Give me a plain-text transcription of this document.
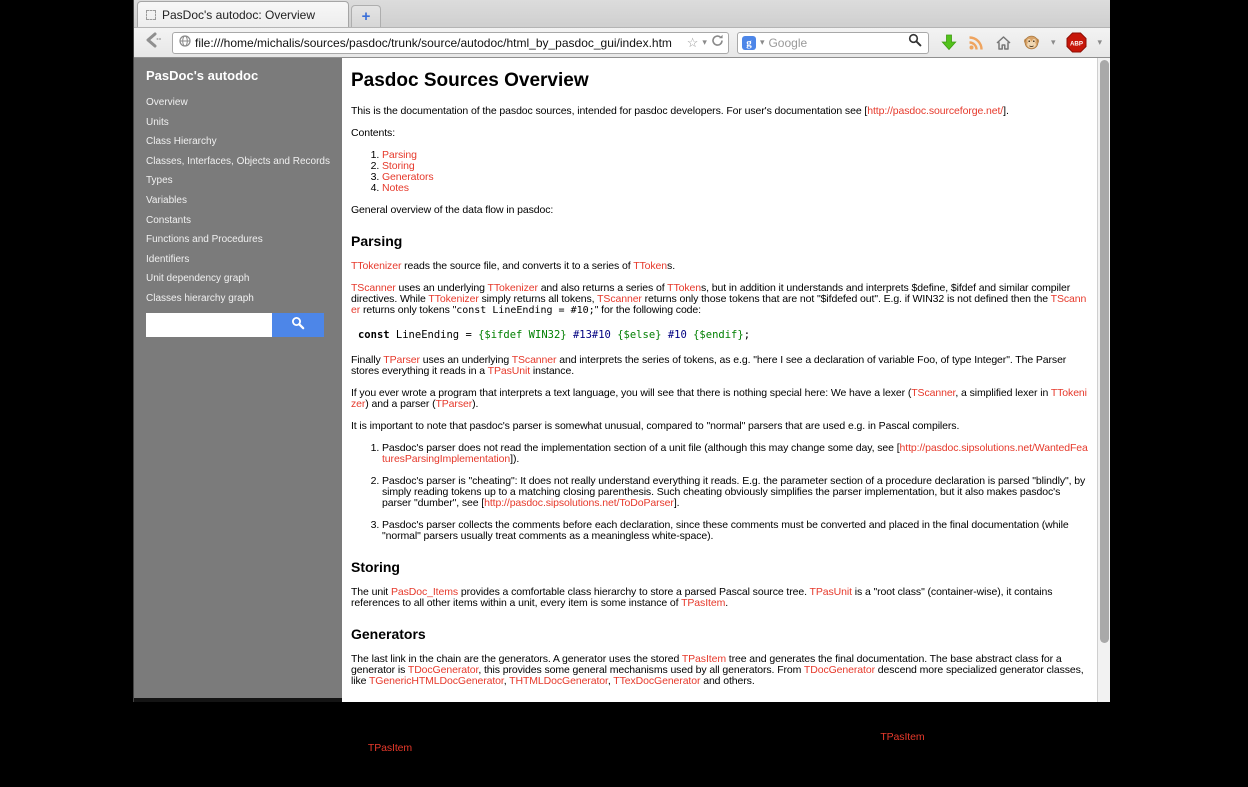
PasDoc's autodoc: Overview	+
file:///home/michalis/sources/pasdoc/trunk/source/autodoc/html_by_pasdoc_gui/index.htm	☆ ▾	g ▾ Google	▾ ABP ▾
PasDoc's autodoc
Overview
Units
Class Hierarchy
Classes, Interfaces, Objects and Records
Types
Variables
Constants
Functions and Procedures
Identifiers
Unit dependency graph
Classes hierarchy graph
Pasdoc Sources Overview

This is the documentation of the pasdoc sources, intended for pasdoc developers. For user's documentation see [http://pasdoc.sourceforge.net/].

Contents:

1. Parsing
2. Storing
3. Generators
4. Notes

General overview of the data flow in pasdoc:

Parsing

TTokenizer reads the source file, and converts it to a series of TTokens.

TScanner uses an underlying TTokenizer and also returns a series of TTokens, but in addition it understands and interprets $define, $ifdef and similar compiler directives. While TTokenizer simply returns all tokens, TScanner returns only those tokens that are not "$ifdefed out". E.g. if WIN32 is not defined then the TScanner returns only tokens "const LineEnding = #10;" for the following code:

const LineEnding = {$ifdef WIN32} #13#10 {$else} #10 {$endif};

Finally TParser uses an underlying TScanner and interprets the series of tokens, as e.g. "here I see a declaration of variable Foo, of type Integer". The Parser stores everything it reads in a TPasUnit instance.

If you ever wrote a program that interprets a text language, you will see that there is nothing special here: We have a lexer (TScanner, a simplified lexer in TTokenizer) and a parser (TParser).

It is important to note that pasdoc's parser is somewhat unusual, compared to "normal" parsers that are used e.g. in Pascal compilers.

1. Pasdoc's parser does not read the implementation section of a unit file (although this may change some day, see [http://pasdoc.sipsolutions.net/WantedFeaturesParsingImplementation]).
2. Pasdoc's parser is "cheating": It does not really understand everything it reads. E.g. the parameter section of a procedure declaration is parsed "blindly", by simply reading tokens up to a matching closing parenthesis. Such cheating obviously simplifies the parser implementation, but it also makes pasdoc's parser "dumber", see [http://pasdoc.sipsolutions.net/ToDoParser].
3. Pasdoc's parser collects the comments before each declaration, since these comments must be converted and placed in the final documentation (while "normal" parsers usually treat comments as a meaningless white-space).
Storing

The unit PasDoc_Items provides a comfortable class hierarchy to store a parsed Pascal source tree. TPasUnit is a "root class" (container-wise), it contains references to all other items within a unit, every item is some instance of TPasItem.

Generators

The last link in the chain are the generators. A generator uses the stored TPasItem tree and generates the final documentation. The base abstract class for a generator is TDocGenerator, this provides some general mechanisms used by all generators. From TDocGenerator descend more specialized generator classes, like TGenericHTMLDocGenerator, THTMLDocGenerator, TTexDocGenerator and others.

Notes

Note that the parser and the generators do not communicate with each other directly. The parser stores things in the TPasItem tree. Generators read and process the TPasItem tree.

So the parser cannot do any stupid thing like messing with some HTML-specific or LaTeX-specific issues of generating documentation. And the generator cannot deal with parsing Pascal source code.
